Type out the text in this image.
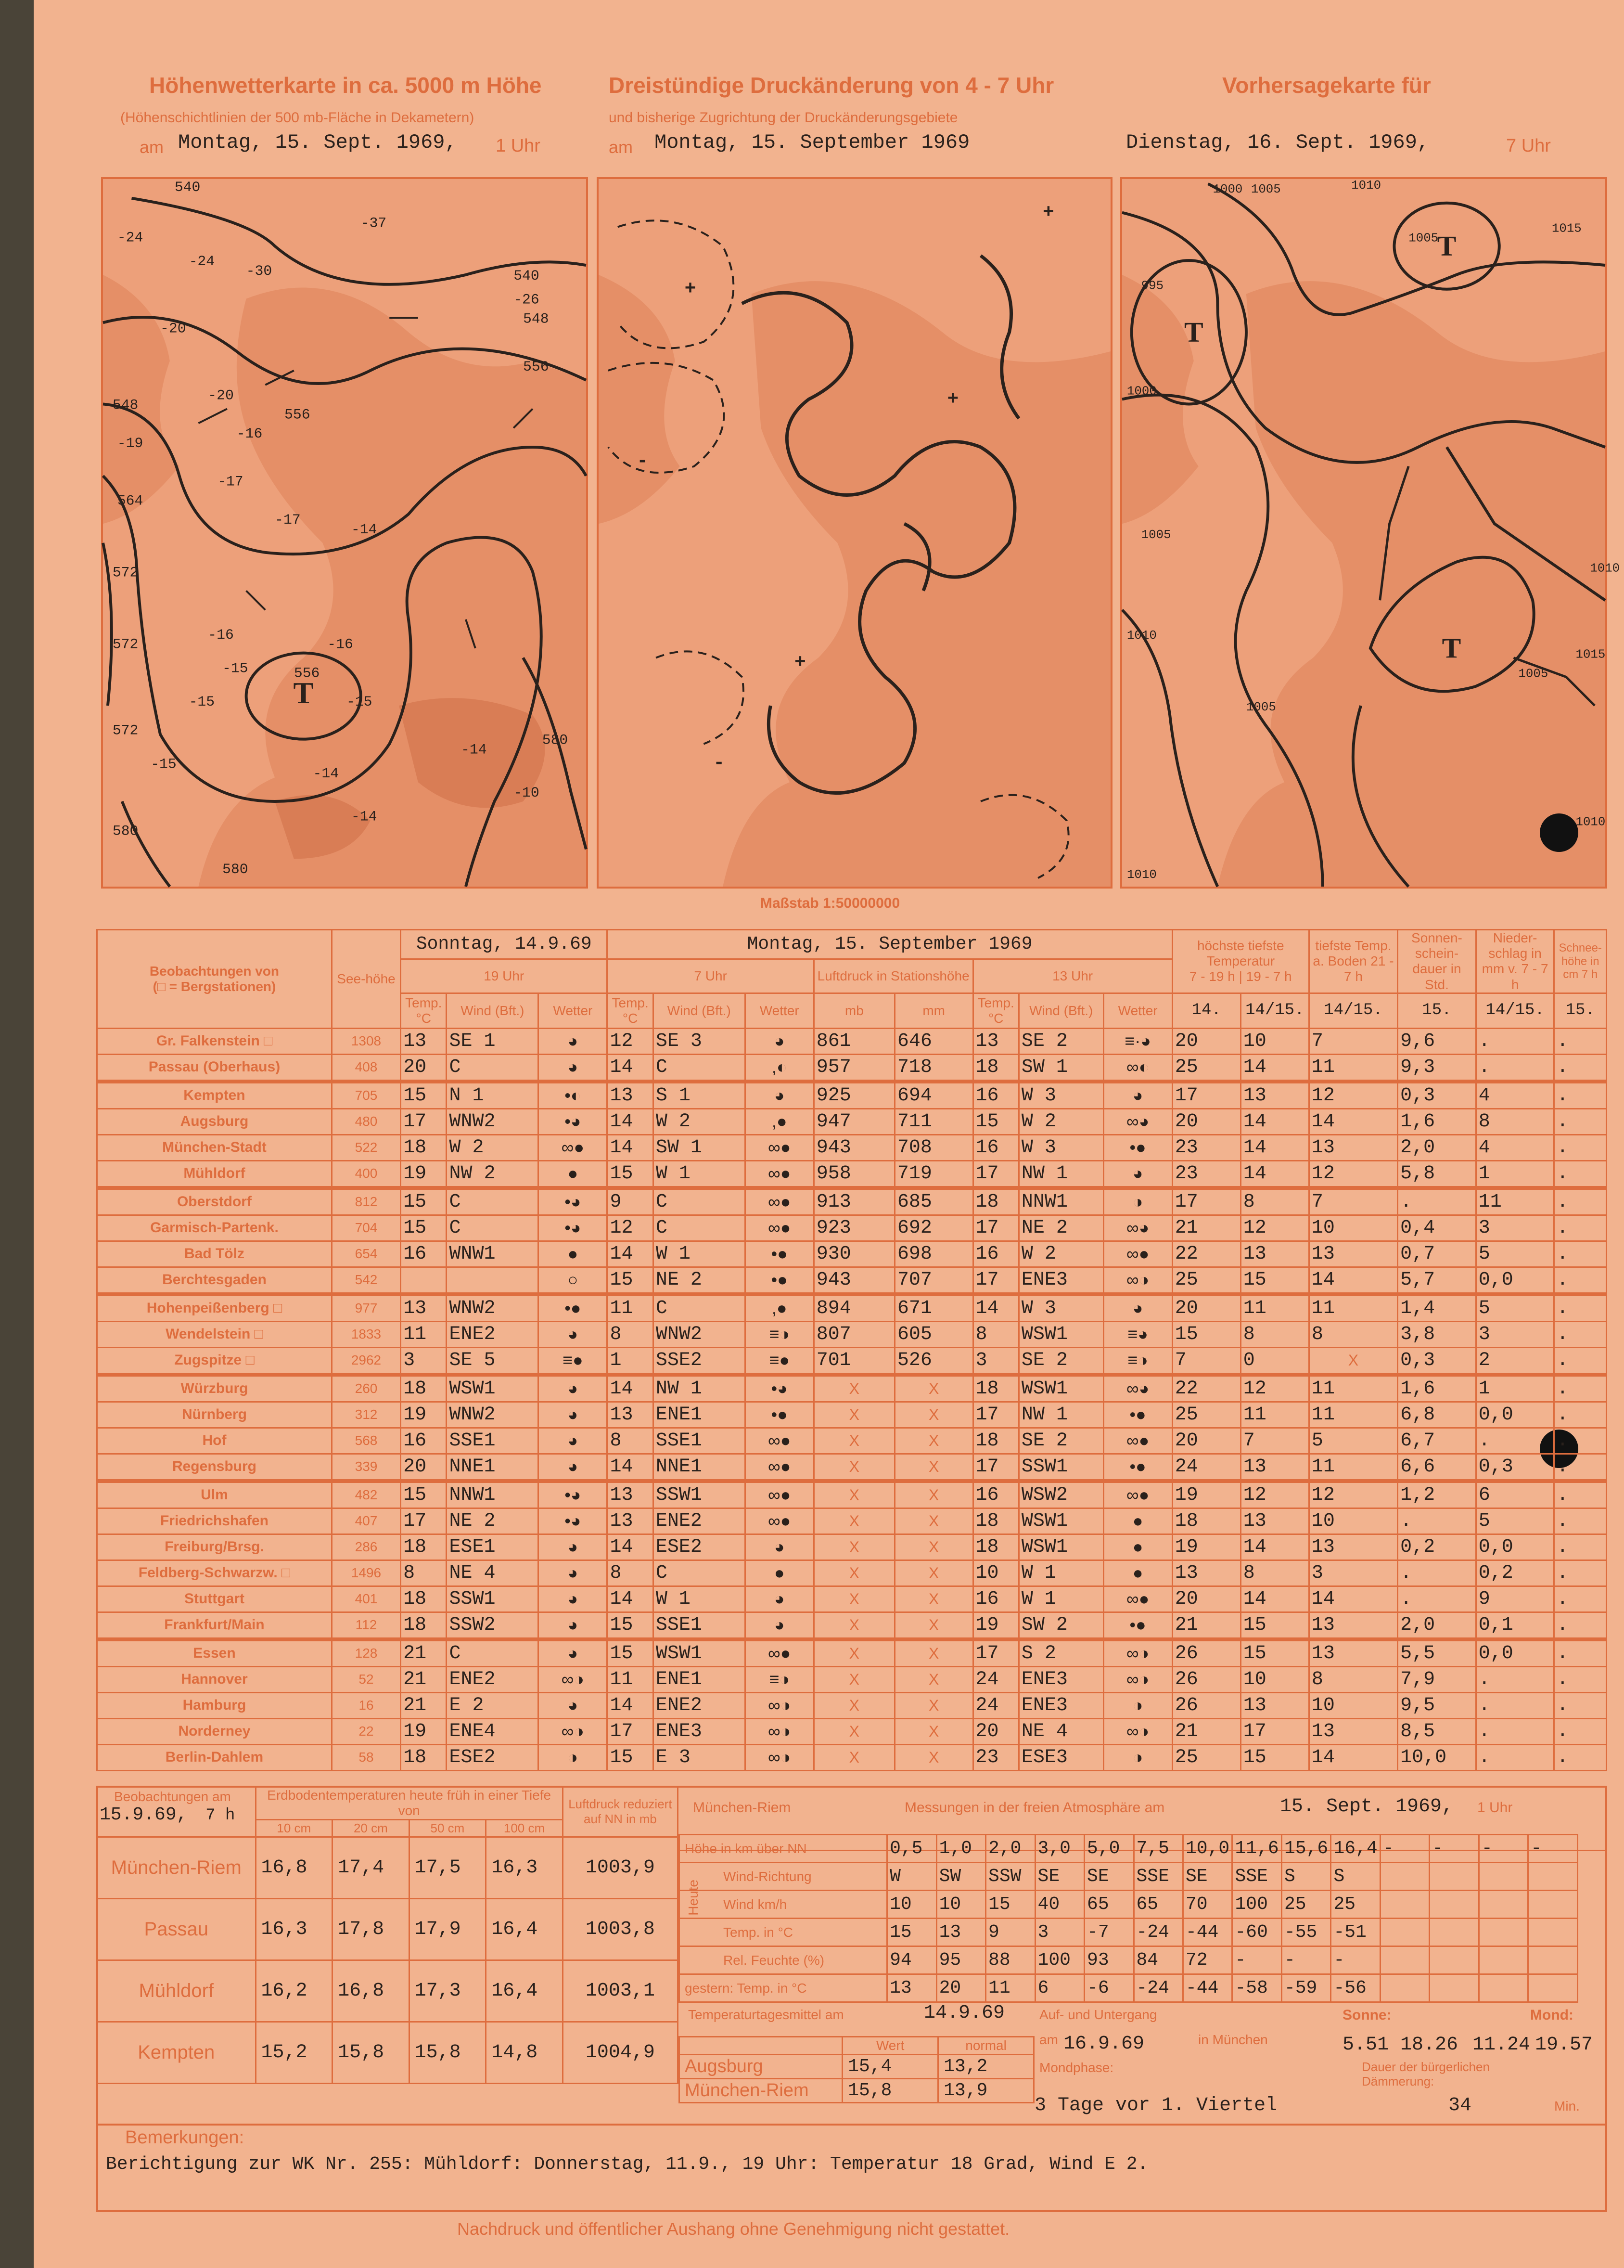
Höhenwetterkarte in ca. 5000 m Höhe
(Höhenschichtlinien der 500 mb-Fläche in Dekametern)
am Montag, 15. Sept. 1969, 1 Uhr
Dreistündige Druckänderung von 4 - 7 Uhr
und bisherige Zugrichtung der Druckänderungsgebiete
am Montag, 15. September 1969
Vorhersagekarte für
Dienstag, 16. Sept. 1969,	7 Uhr
540
-24
-24
-30
-37
540
-26
548
-20
556
548
-20
556
-19
-16
564
-17
572
-17
572
-14
-16
-15	556
-16
-15	-15
-14
-14
572
580
-10
-15
580
-14
580
T
+
+
-
+
+
-
1000 1005	1010
1005
995
1015
1000
1005
1010
1010
1015
1005
1005
1010
1010
T
T
T
Maßstab 1:50000000
Beobachtungen von
(□ = Bergstationen)	See-höhe	Sonntag, 14.9.69			Montag, 15. September 1969								höchste tiefste
Temperatur
7 - 19 h | 19 - 7 h		tiefste Temp. a. Boden 21 - 7 h	Sonnen-schein-dauer in Std.	Nieder-schlag in mm v. 7 - 7 h	Schnee-höhe in cm 7 h
		19 Uhr			7 Uhr			Luftdruck in Stationshöhe		13 Uhr								
		Temp. °C	Wind (Bft.)	Wetter	Temp. °C	Wind (Bft.)	Wetter	mb	mm	Temp. °C	Wind (Bft.)	Wetter	14.	14/15.	14/15.	15.	14/15.	15.
Gr. Falkenstein □	1308	13	SE 1	◕	12	SE 3	◕	861	646	13	SE 2	≡·◕	20	10	7	9,6	.	.
Passau (Oberhaus)	408	20	C	◕	14	C	,◐	957	718	18	SW 1	∞◐	25	14	11	9,3	.	.
Kempten	705	15	N 1	•◐	13	S 1	◕	925	694	16	W 3	◕	17	13	12	0,3	4	.
Augsburg	480	17	WNW2	•◕	14	W 2	,●	947	711	15	W 2	∞◕	20	14	14	1,6	8	.
München-Stadt	522	18	W 2	∞●	14	SW 1	∞●	943	708	16	W 3	•●	23	14	13	2,0	4	.
Mühldorf	400	19	NW 2	●	15	W 1	∞●	958	719	17	NW 1	◕	23	14	12	5,8	1	.
Oberstdorf	812	15	C	•◕	9	C	∞●	913	685	18	NNW1	◑	17	8	7	.	11	.
Garmisch-Partenk.	704	15	C	•◕	12	C	∞●	923	692	17	NE 2	∞◕	21	12	10	0,4	3	.
Bad Tölz	654	16	WNW1	●	14	W 1	•●	930	698	16	W 2	∞●	22	13	13	0,7	5	.
Berchtesgaden	542			○	15	NE 2	•●	943	707	17	ENE3	∞◑	25	15	14	5,7	0,0	.
Hohenpeißenberg □	977	13	WNW2	•●	11	C	,●	894	671	14	W 3	◕	20	11	11	1,4	5	.
Wendelstein □	1833	11	ENE2	◕	8	WNW2	≡◑	807	605	8	WSW1	≡◕	15	8	8	3,8	3	.
Zugspitze □	2962	3	SE 5	≡●	1	SSE2	≡●	701	526	3	SE 2	≡◑	7	0	X	0,3	2	.
Würzburg	260	18	WSW1	◕	14	NW 1	•◕	X	X	18	WSW1	∞◕	22	12	11	1,6	1	.
Nürnberg	312	19	WNW2	◕	13	ENE1	•●	X	X	17	NW 1	•●	25	11	11	6,8	0,0	.
Hof	568	16	SSE1	◕	8	SSE1	∞●	X	X	18	SE 2	∞●	20	7	5	6,7	.	.
Regensburg	339	20	NNE1	◕	14	NNE1	∞●	X	X	17	SSW1	•●	24	13	11	6,6	0,3	.
Ulm	482	15	NNW1	•◕	13	SSW1	∞●	X	X	16	WSW2	∞●	19	12	12	1,2	6	.
Friedrichshafen	407	17	NE 2	•◕	13	ENE2	∞●	X	X	18	WSW1	●	18	13	10	.	5	.
Freiburg/Brsg.	286	18	ESE1	◕	14	ESE2	◕	X	X	18	WSW1	●	19	14	13	0,2	0,0	.
Feldberg-Schwarzw. □	1496	8	NE 4	◕	8	C	●	X	X	10	W 1	●	13	8	3	.	0,2	.
Stuttgart	401	18	SSW1	◕	14	W 1	◕	X	X	16	W 1	∞●	20	14	14	.	9	.
Frankfurt/Main	112	18	SSW2	◕	15	SSE1	◕	X	X	19	SW 2	•●	21	15	13	2,0	0,1	.
Essen	128	21	C	◕	15	WSW1	∞●	X	X	17	S 2	∞◑	26	15	13	5,5	0,0	.
Hannover	52	21	ENE2	∞◑	11	ENE1	≡◑	X	X	24	ENE3	∞◑	26	10	8	7,9	.	.
Hamburg	16	21	E 2	◕	14	ENE2	∞◑	X	X	24	ENE3	◑	26	13	10	9,5	.	.
Norderney	22	19	ENE4	∞◑	17	ENE3	∞◑	X	X	20	NE 4	∞◑	21	17	13	8,5	.	.
Berlin-Dahlem	58	18	ESE2	◑	15	E 3	∞◑	X	X	23	ESE3	◑	25	15	14	10,0	.	.
Beobachtungen am
15.9.69, 7 h	Erdbodentemperaturen heute früh in einer Tiefe von				Luftdruck reduziert auf NN in mb
	10 cm	20 cm	50 cm	100 cm	
München-Riem	16,8	17,4	17,5	16,3	1003,9
Passau	16,3	17,8	17,9	16,4	1003,8
Mühldorf	16,2	16,8	17,3	16,4	1003,1
Kempten	15,2	15,8	15,8	14,8	1004,9
München-Riem	Messungen in der freien Atmosphäre am	15. Sept. 1969, 1 Uhr
Höhe in km über NN	0,5	1,0	2,0	3,0	5,0	7,5	10,0	11,6	15,6	16,4	-	-	-	-
Wind-Richtung	W	SW	SSW	SE	SE	SSE	SE	SSE	S	S				
Wind km/h	10	10	15	40	65	65	70	100	25	25				
Temp. in °C	15	13	9	3	-7	-24	-44	-60	-55	-51				
Rel. Feuchte (%)	94	95	88	100	93	84	72	-	-	-				
gestern: Temp. in °C	13	20	11	6	-6	-24	-44	-58	-59	-56				
Temperaturtagesmittel am	14.9.69
	Wert	normal
Augsburg	15,4	13,2
München-Riem	15,8	13,9
Auf- und Untergang	Sonne:	Mond:
am 16.9.69	in München	5.51 18.26 11.24 19.57
Mondphase:
3 Tage vor 1. Viertel
Dauer der bürgerlichen Dämmerung:
34	Min.
Bemerkungen:
Berichtigung zur WK Nr. 255: Mühldorf: Donnerstag, 11.9., 19 Uhr: Temperatur 18 Grad, Wind E 2.
Nachdruck und öffentlicher Aushang ohne Genehmigung nicht gestattet.
Heute
